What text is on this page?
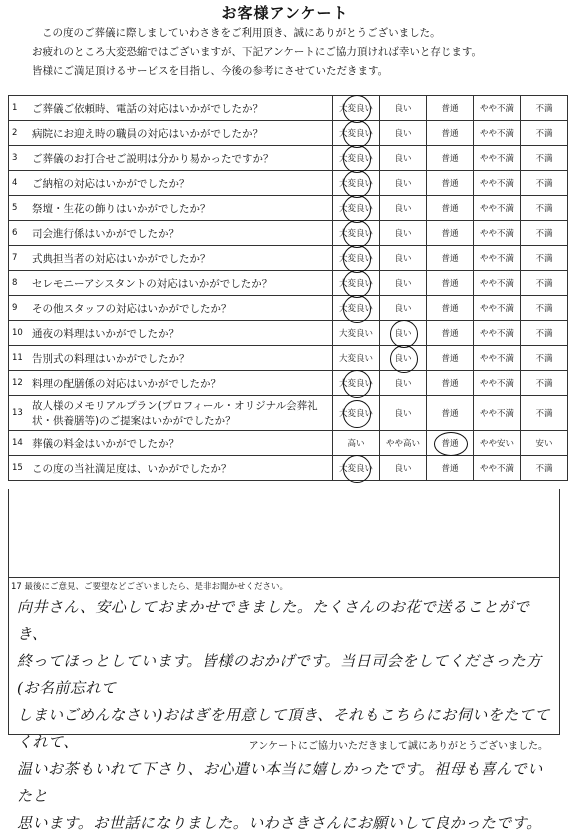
お客様アンケート
この度のご葬儀に際しましていわさきをご利用頂き、誠にありがとうございました。
お疲れのところ大変恐縮ではございますが、下記アンケートにご協力頂ければ幸いと存じます。
皆様にご満足頂けるサービスを目指し、今後の参考にさせていただきます。
1	ご葬儀ご依頼時、電話の対応はいかがでしたか？	大変良い	良い	普通	やや不満	不満
2	病院にお迎え時の職員の対応はいかがでしたか？	大変良い	良い	普通	やや不満	不満
3	ご葬儀のお打合せご説明は分かり易かったですか？	大変良い	良い	普通	やや不満	不満
4	ご納棺の対応はいかがでしたか？	大変良い	良い	普通	やや不満	不満
5	祭壇・生花の飾りはいかがでしたか？	大変良い	良い	普通	やや不満	不満
6	司会進行係はいかがでしたか？	大変良い	良い	普通	やや不満	不満
7	式典担当者の対応はいかがでしたか？	大変良い	良い	普通	やや不満	不満
8	セレモニーアシスタントの対応はいかがでしたか？	大変良い	良い	普通	やや不満	不満
9	その他スタッフの対応はいかがでしたか？	大変良い	良い	普通	やや不満	不満
10	通夜の料理はいかがでしたか？	大変良い	良い	普通	やや不満	不満
11	告別式の料理はいかがでしたか？	大変良い	良い	普通	やや不満	不満
12	料理の配膳係の対応はいかがでしたか？	大変良い	良い	普通	やや不満	不満
13	故人様のメモリアルプラン(プロフィール・オリジナル会葬礼状・供養膳等)のご提案はいかがでしたか？	大変良い	良い	普通	やや不満	不満
14	葬儀の料金はいかがでしたか？	高い	やや高い	普通	やや安い	安い
15	この度の当社満足度は、いかがでしたか？	大変良い	良い	普通	やや不満	不満
17 最後にご意見、ご要望などございましたら、是非お聞かせください。
向井さん、安心しておまかせできました。たくさんのお花で送ることができ、
終ってほっとしています。皆様のおかげです。当日司会をしてくださった方(お名前忘れて
しまいごめんなさい)おはぎを用意して頂き、それもこちらにお伺いをたててくれて、
温いお茶もいれて下さり、お心遣い本当に嬉しかったです。祖母も喜んでいたと
思います。お世話になりました。いわさきさんにお願いして良かったです。
アンケートにご協力いただきまして誠にありがとうございました。
